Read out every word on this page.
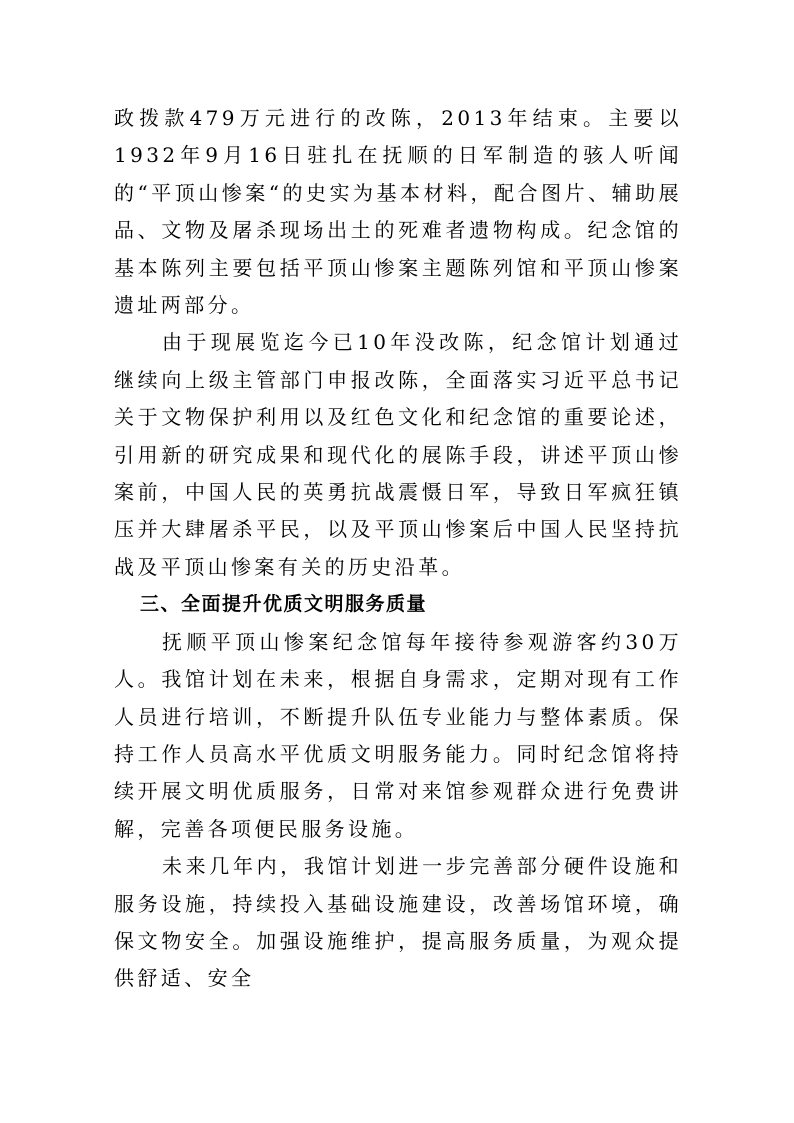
政拨款479万元进行的改陈，2013年结束。主要以1932年9月16日驻扎在抚顺的日军制造的骇人听闻的“平顶山惨案“的史实为基本材料，配合图片、辅助展品、文物及屠杀现场出土的死难者遗物构成。纪念馆的基本陈列主要包括平顶山惨案主题陈列馆和平顶山惨案遗址两部分。

由于现展览迄今已10年没改陈，纪念馆计划通过继续向上级主管部门申报改陈，全面落实习近平总书记关于文物保护利用以及红色文化和纪念馆的重要论述，引用新的研究成果和现代化的展陈手段，讲述平顶山惨案前，中国人民的英勇抗战震慑日军，导致日军疯狂镇压并大肆屠杀平民，以及平顶山惨案后中国人民坚持抗战及平顶山惨案有关的历史沿革。

三、全面提升优质文明服务质量

抚顺平顶山惨案纪念馆每年接待参观游客约30万人。我馆计划在未来，根据自身需求，定期对现有工作人员进行培训，不断提升队伍专业能力与整体素质。保持工作人员高水平优质文明服务能力。同时纪念馆将持续开展文明优质服务，日常对来馆参观群众进行免费讲解，完善各项便民服务设施。

未来几年内，我馆计划进一步完善部分硬件设施和服务设施，持续投入基础设施建设，改善场馆环境，确保文物安全。加强设施维护，提高服务质量，为观众提供舒适、安全
